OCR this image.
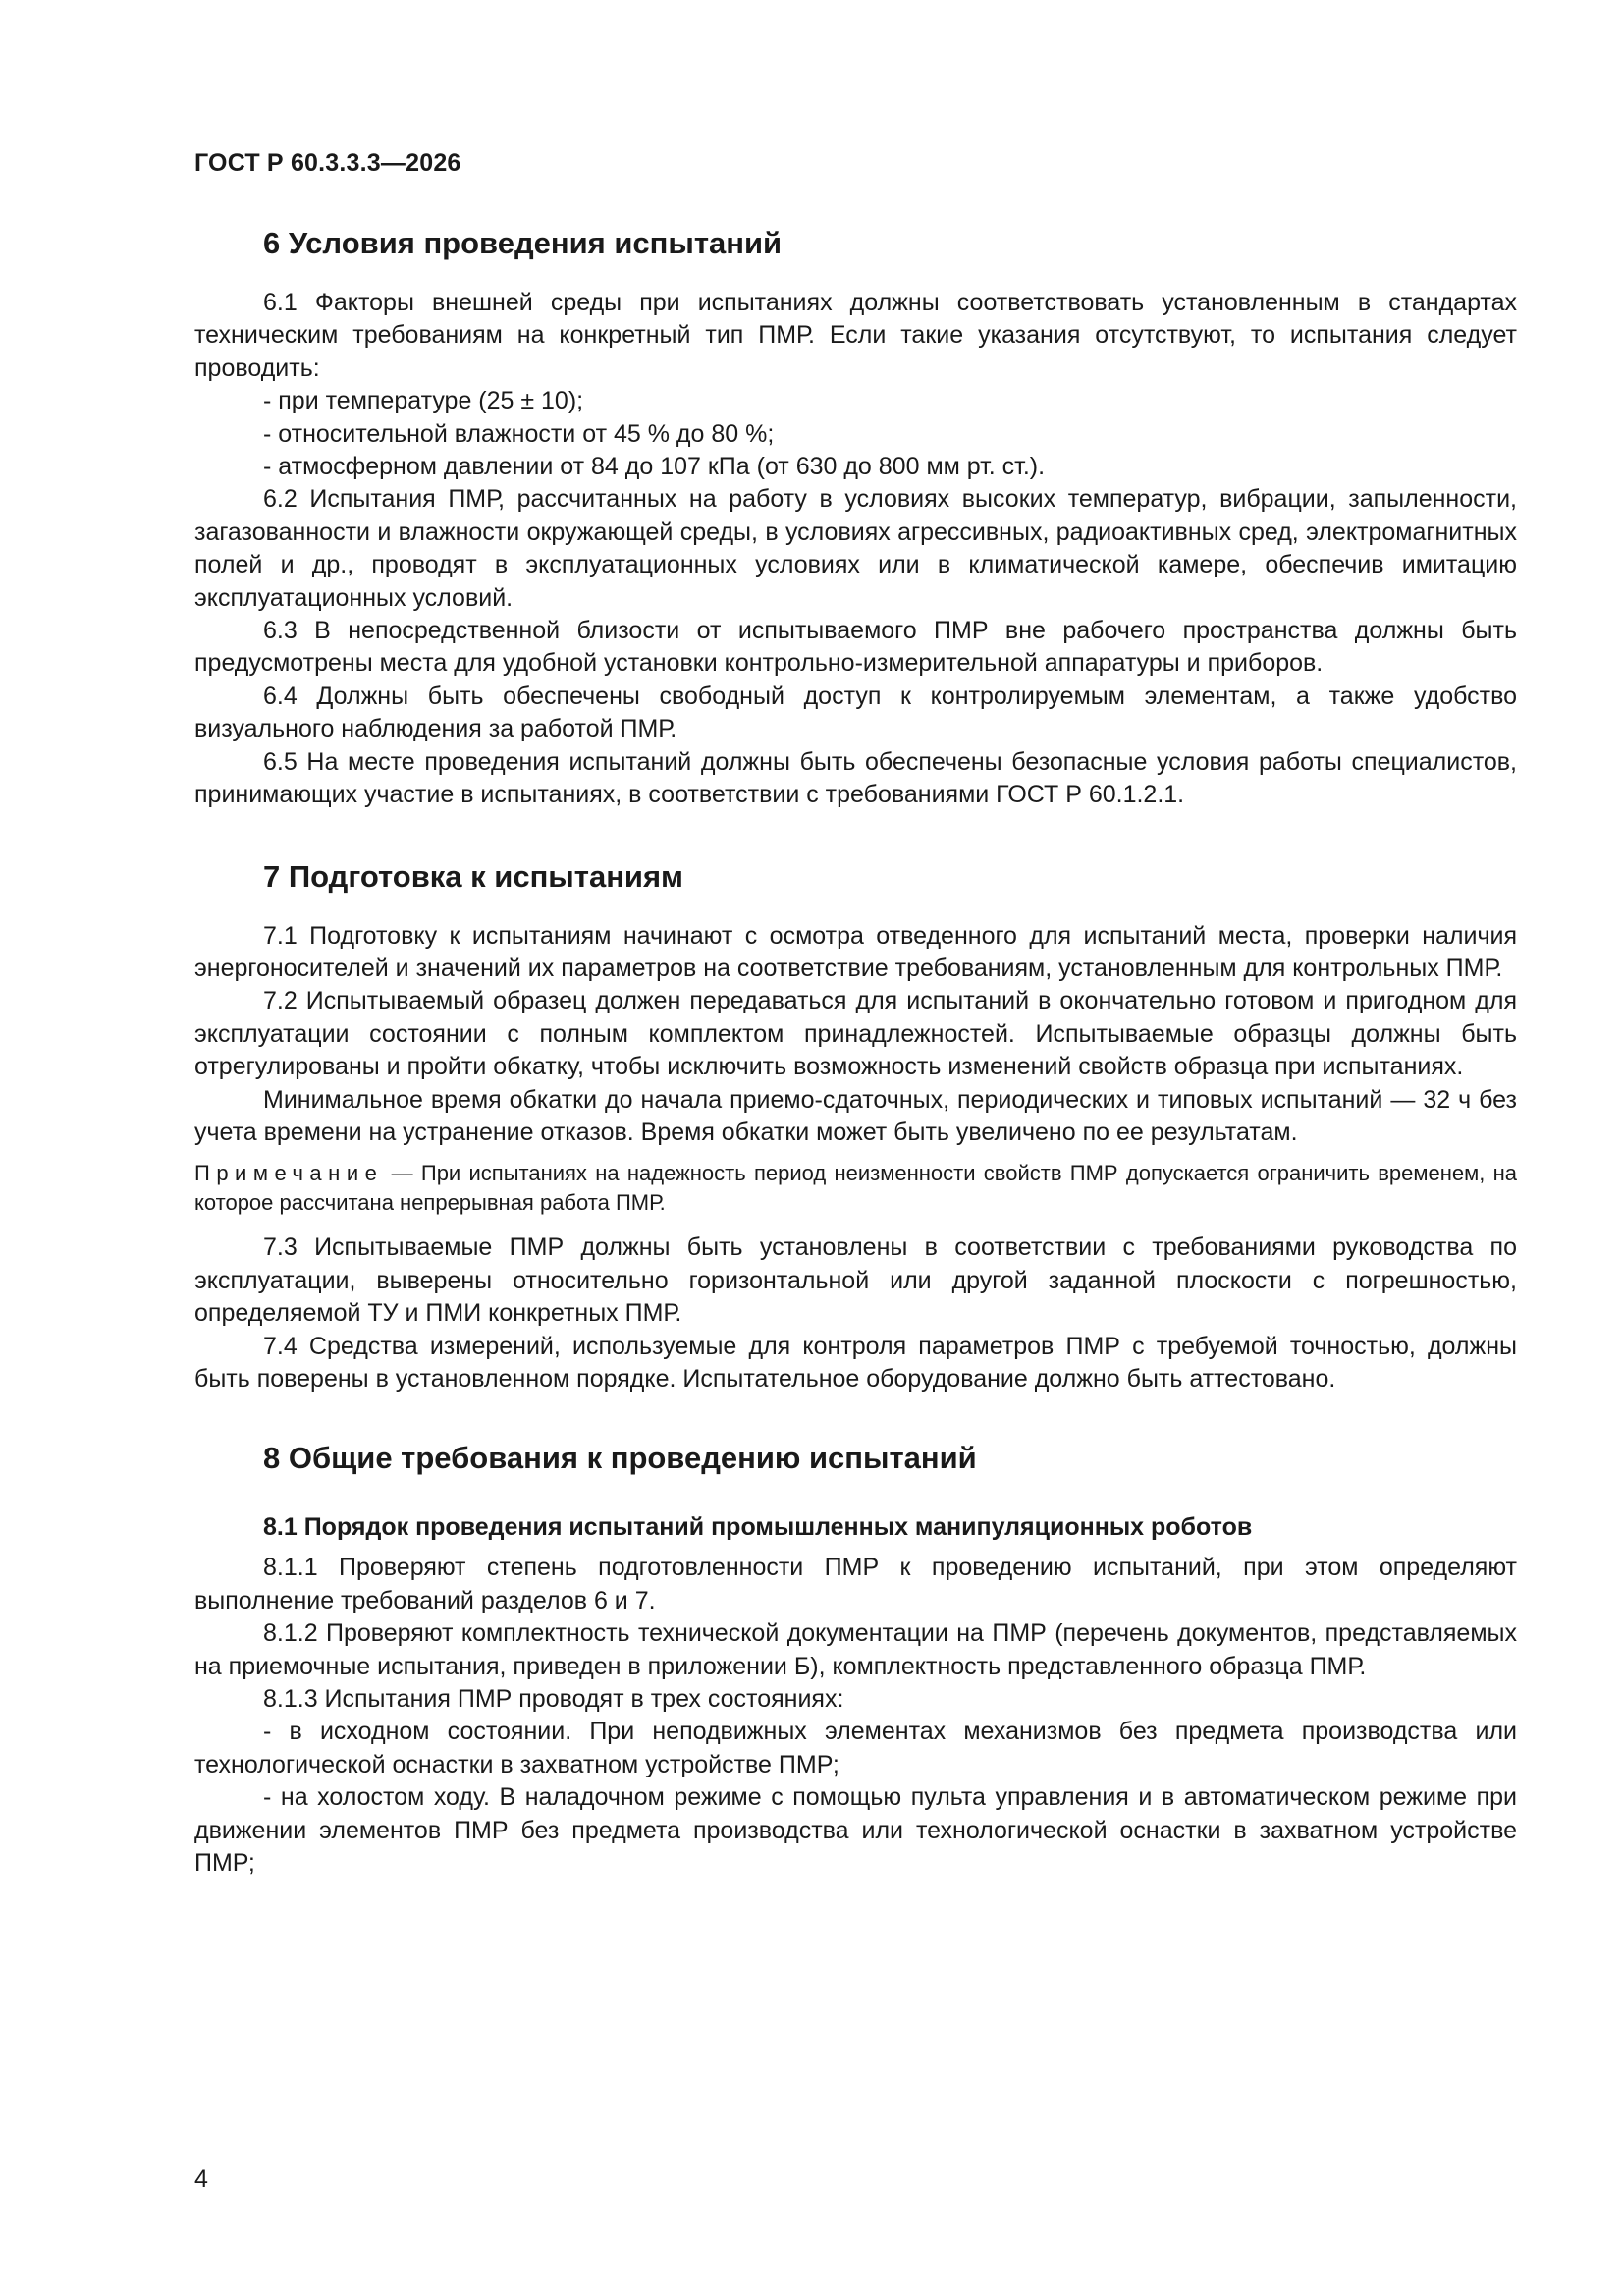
ГОСТ Р 60.3.3.3—2026
6 Условия проведения испытаний

6.1 Факторы внешней среды при испытаниях должны соответствовать установленным в стандартах техническим требованиям на конкретный тип ПМР. Если такие указания отсутствуют, то испытания следует проводить:

- при температуре (25 ± 10);

- относительной влажности от 45 % до 80 %;

- атмосферном давлении от 84 до 107 кПа (от 630 до 800 мм рт. ст.).

6.2 Испытания ПМР, рассчитанных на работу в условиях высоких температур, вибрации, запыленности, загазованности и влажности окружающей среды, в условиях агрессивных, радиоактивных сред, электромагнитных полей и др., проводят в эксплуатационных условиях или в климатической камере, обеспечив имитацию эксплуатационных условий.

6.3 В непосредственной близости от испытываемого ПМР вне рабочего пространства должны быть предусмотрены места для удобной установки контрольно-измерительной аппаратуры и приборов.

6.4 Должны быть обеспечены свободный доступ к контролируемым элементам, а также удобство визуального наблюдения за работой ПМР.

6.5 На месте проведения испытаний должны быть обеспечены безопасные условия работы специалистов, принимающих участие в испытаниях, в соответствии с требованиями ГОСТ Р 60.1.2.1.

7 Подготовка к испытаниям

7.1 Подготовку к испытаниям начинают с осмотра отведенного для испытаний места, проверки наличия энергоносителей и значений их параметров на соответствие требованиям, установленным для контрольных ПМР.

7.2 Испытываемый образец должен передаваться для испытаний в окончательно готовом и пригодном для эксплуатации состоянии с полным комплектом принадлежностей. Испытываемые образцы должны быть отрегулированы и пройти обкатку, чтобы исключить возможность изменений свойств образца при испытаниях.

Минимальное время обкатки до начала приемо-сдаточных, периодических и типовых испытаний — 32 ч без учета времени на устранение отказов. Время обкатки может быть увеличено по ее результатам.

Примечание — При испытаниях на надежность период неизменности свойств ПМР допускается ограничить временем, на которое рассчитана непрерывная работа ПМР.

7.3 Испытываемые ПМР должны быть установлены в соответствии с требованиями руководства по эксплуатации, выверены относительно горизонтальной или другой заданной плоскости с погрешностью, определяемой ТУ и ПМИ конкретных ПМР.

7.4 Средства измерений, используемые для контроля параметров ПМР с требуемой точностью, должны быть поверены в установленном порядке. Испытательное оборудование должно быть аттестовано.

8 Общие требования к проведению испытаний
8.1 Порядок проведения испытаний промышленных манипуляционных роботов

8.1.1 Проверяют степень подготовленности ПМР к проведению испытаний, при этом определяют выполнение требований разделов 6 и 7.

8.1.2 Проверяют комплектность технической документации на ПМР (перечень документов, представляемых на приемочные испытания, приведен в приложении Б), комплектность представленного образца ПМР.

8.1.3 Испытания ПМР проводят в трех состояниях:

- в исходном состоянии. При неподвижных элементах механизмов без предмета производства или технологической оснастки в захватном устройстве ПМР;

- на холостом ходу. В наладочном режиме с помощью пульта управления и в автоматическом режиме при движении элементов ПМР без предмета производства или технологической оснастки в захватном устройстве ПМР;

4
